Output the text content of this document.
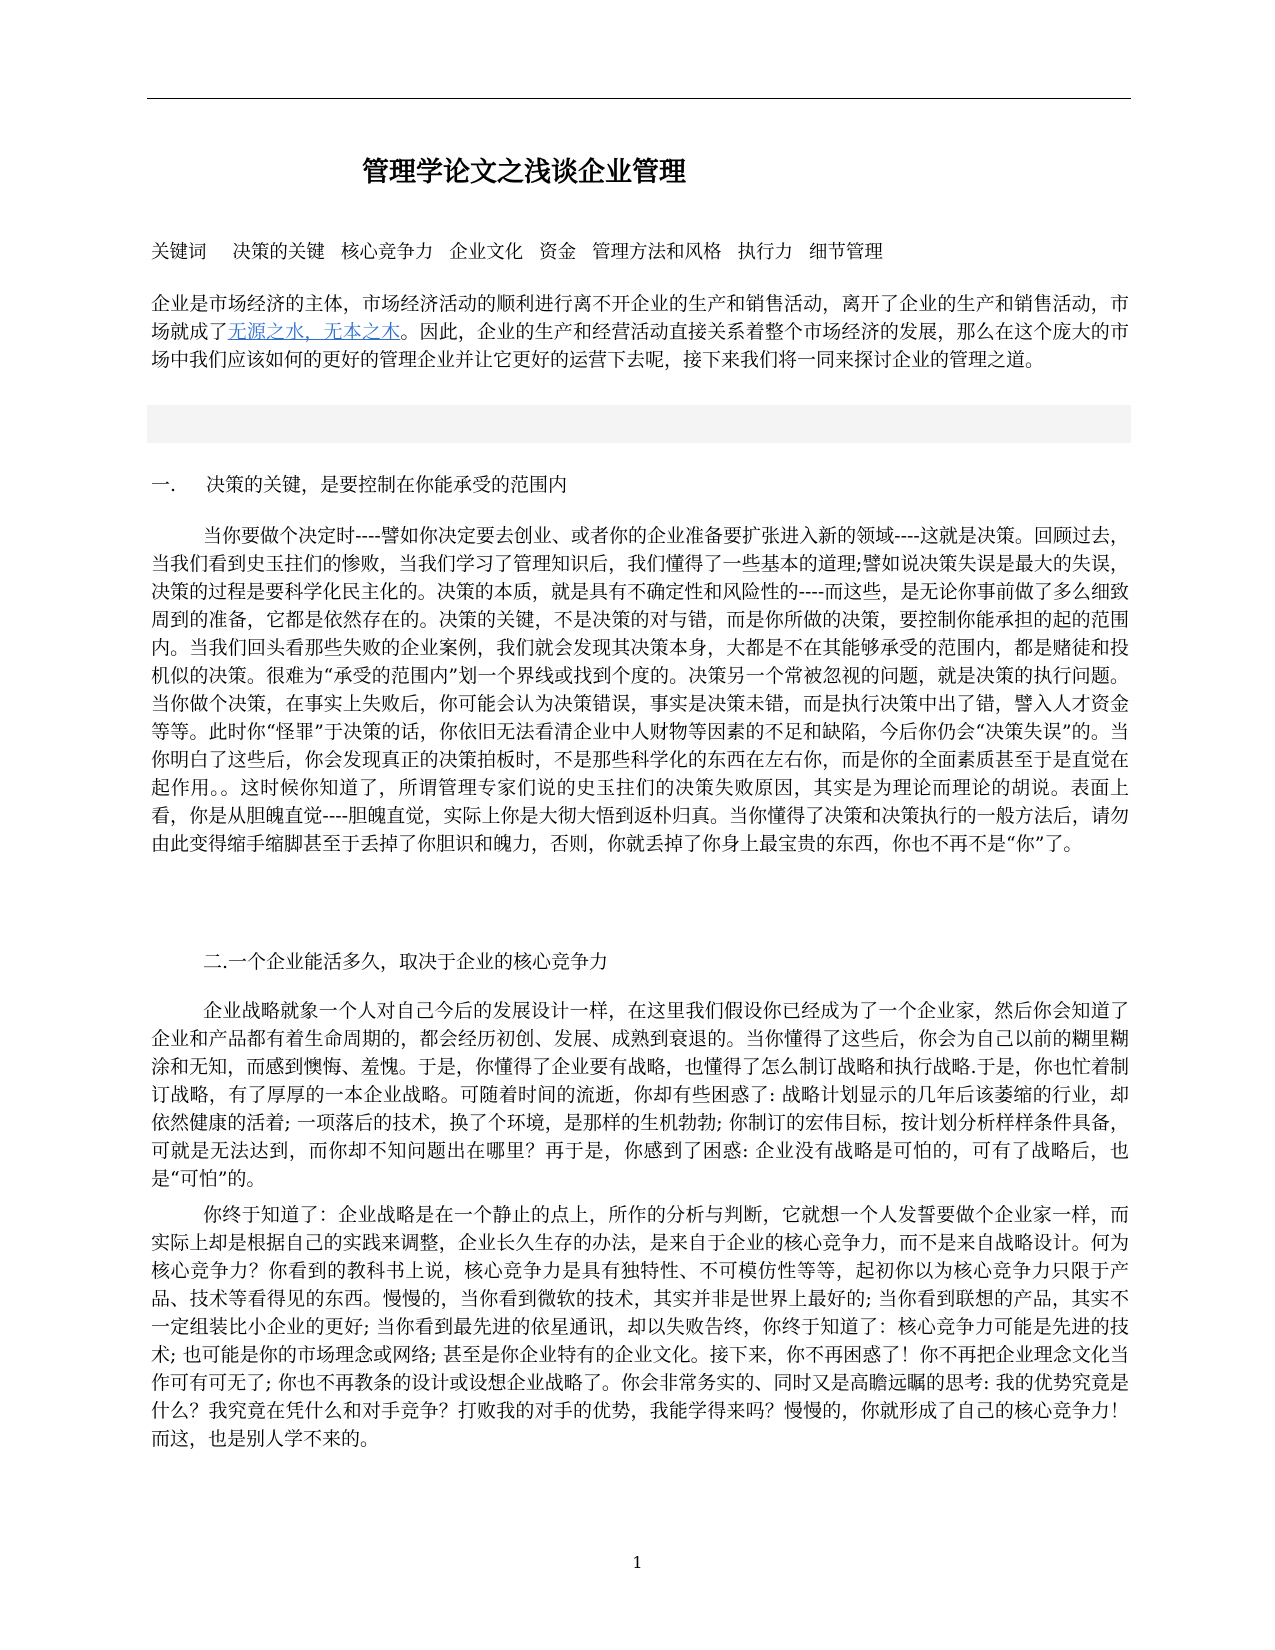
管理学论文之浅谈企业管理
关键词 决策的关键 核心竞争力 企业文化 资金 管理方法和风格 执行力 细节管理

企业是市场经济的主体，市场经济活动的顺利进行离不开企业的生产和销售活动，离开了企业的生产和销售活动，市场就成了无源之水，无本之木。因此，企业的生产和经营活动直接关系着整个市场经济的发展，那么在这个庞大的市场中我们应该如何的更好的管理企业并让它更好的运营下去呢，接下来我们将一同来探讨企业的管理之道。

一. 决策的关键，是要控制在你能承受的范围内

当你要做个决定时----譬如你决定要去创业、或者你的企业准备要扩张进入新的领域----这就是决策。回顾过去，当我们看到史玉拄们的惨败，当我们学习了管理知识后，我们懂得了一些基本的道理;譬如说决策失误是最大的失误，决策的过程是要科学化民主化的。决策的本质，就是具有不确定性和风险性的----而这些，是无论你事前做了多么细致周到的准备，它都是依然存在的。决策的关键，不是决策的对与错，而是你所做的决策，要控制你能承担的起的范围内。当我们回头看那些失败的企业案例，我们就会发现其决策本身，大都是不在其能够承受的范围内，都是赌徒和投机似的决策。很难为“承受的范围内”划一个界线或找到个度的。决策另一个常被忽视的问题，就是决策的执行问题。当你做个决策，在事实上失败后，你可能会认为决策错误，事实是决策未错，而是执行决策中出了错，譬入人才资金等等。此时你“怪罪”于决策的话，你依旧无法看清企业中人财物等因素的不足和缺陷，今后你仍会“决策失误”的。当你明白了这些后，你会发现真正的决策拍板时，不是那些科学化的东西在左右你，而是你的全面素质甚至于是直觉在起作用。。这时候你知道了，所谓管理专家们说的史玉拄们的决策失败原因，其实是为理论而理论的胡说。表面上看，你是从胆魄直觉----胆魄直觉，实际上你是大彻大悟到返朴归真。当你懂得了决策和决策执行的一般方法后，请勿由此变得缩手缩脚甚至于丢掉了你胆识和魄力，否则，你就丢掉了你身上最宝贵的东西，你也不再不是“你”了。

二.一个企业能活多久，取决于企业的核心竞争力

企业战略就象一个人对自己今后的发展设计一样，在这里我们假设你已经成为了一个企业家，然后你会知道了企业和产品都有着生命周期的，都会经历初创、发展、成熟到衰退的。当你懂得了这些后，你会为自己以前的糊里糊涂和无知，而感到懊悔、羞愧。于是，你懂得了企业要有战略，也懂得了怎么制订战略和执行战略.于是，你也忙着制订战略，有了厚厚的一本企业战略。可随着时间的流逝，你却有些困惑了: 战略计划显示的几年后该萎缩的行业，却依然健康的活着; 一项落后的技术，换了个环境，是那样的生机勃勃; 你制订的宏伟目标，按计划分析样样条件具备，可就是无法达到，而你却不知问题出在哪里？再于是，你感到了困惑: 企业没有战略是可怕的，可有了战略后，也是“可怕”的。

你终于知道了：企业战略是在一个静止的点上，所作的分析与判断，它就想一个人发誓要做个企业家一样，而实际上却是根据自己的实践来调整，企业长久生存的办法，是来自于企业的核心竞争力，而不是来自战略设计。何为核心竞争力？你看到的教科书上说，核心竞争力是具有独特性、不可模仿性等等，起初你以为核心竞争力只限于产品、技术等看得见的东西。慢慢的，当你看到微软的技术，其实并非是世界上最好的; 当你看到联想的产品，其实不一定组装比小企业的更好; 当你看到最先进的依星通讯，却以失败告终，你终于知道了：核心竞争力可能是先进的技术; 也可能是你的市场理念或网络; 甚至是你企业特有的企业文化。接下来，你不再困惑了！你不再把企业理念文化当作可有可无了; 你也不再教条的设计或设想企业战略了。你会非常务实的、同时又是高瞻远瞩的思考: 我的优势究竟是什么？我究竟在凭什么和对手竞争？打败我的对手的优势，我能学得来吗？慢慢的，你就形成了自己的核心竞争力！而这，也是别人学不来的。

1
